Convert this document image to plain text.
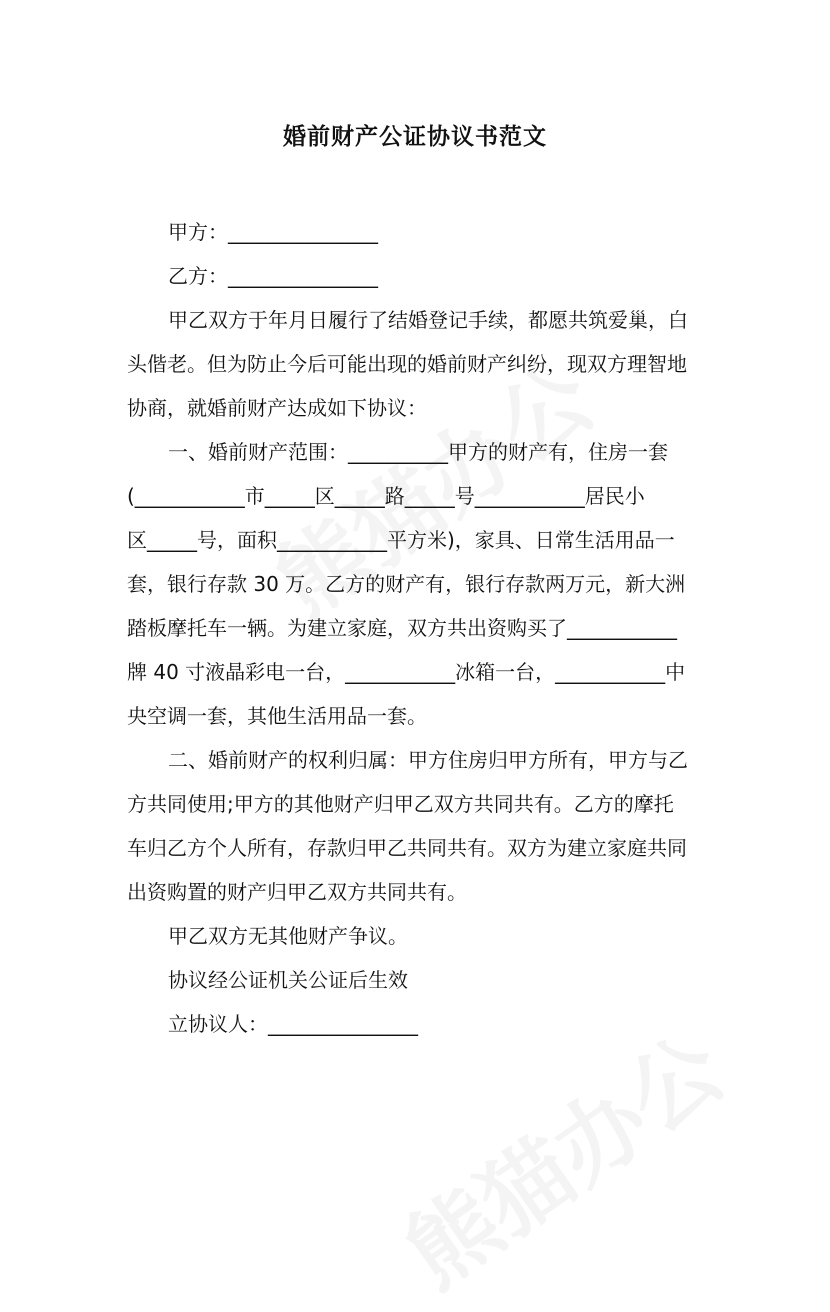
婚前财产公证协议书范文
甲方：_______________
乙方：_______________
甲乙双方于年月日履行了结婚登记手续，都愿共筑爱巢，白
头偕老。但为防止今后可能出现的婚前财产纠纷，现双方理智地
协商，就婚前财产达成如下协议：
一、婚前财产范围：__________甲方的财产有，住房一套
(___________市_____区_____路_____号___________居民小
区_____号，面积___________平方米)，家具、日常生活用品一
套，银行存款 30 万。乙方的财产有，银行存款两万元，新大洲
踏板摩托车一辆。为建立家庭，双方共出资购买了___________
牌 40 寸液晶彩电一台，___________冰箱一台，___________中
央空调一套，其他生活用品一套。
二、婚前财产的权利归属：甲方住房归甲方所有，甲方与乙
方共同使用;甲方的其他财产归甲乙双方共同共有。乙方的摩托
车归乙方个人所有，存款归甲乙共同共有。双方为建立家庭共同
出资购置的财产归甲乙双方共同共有。
甲乙双方无其他财产争议。
协议经公证机关公证后生效
立协议人：_______________
